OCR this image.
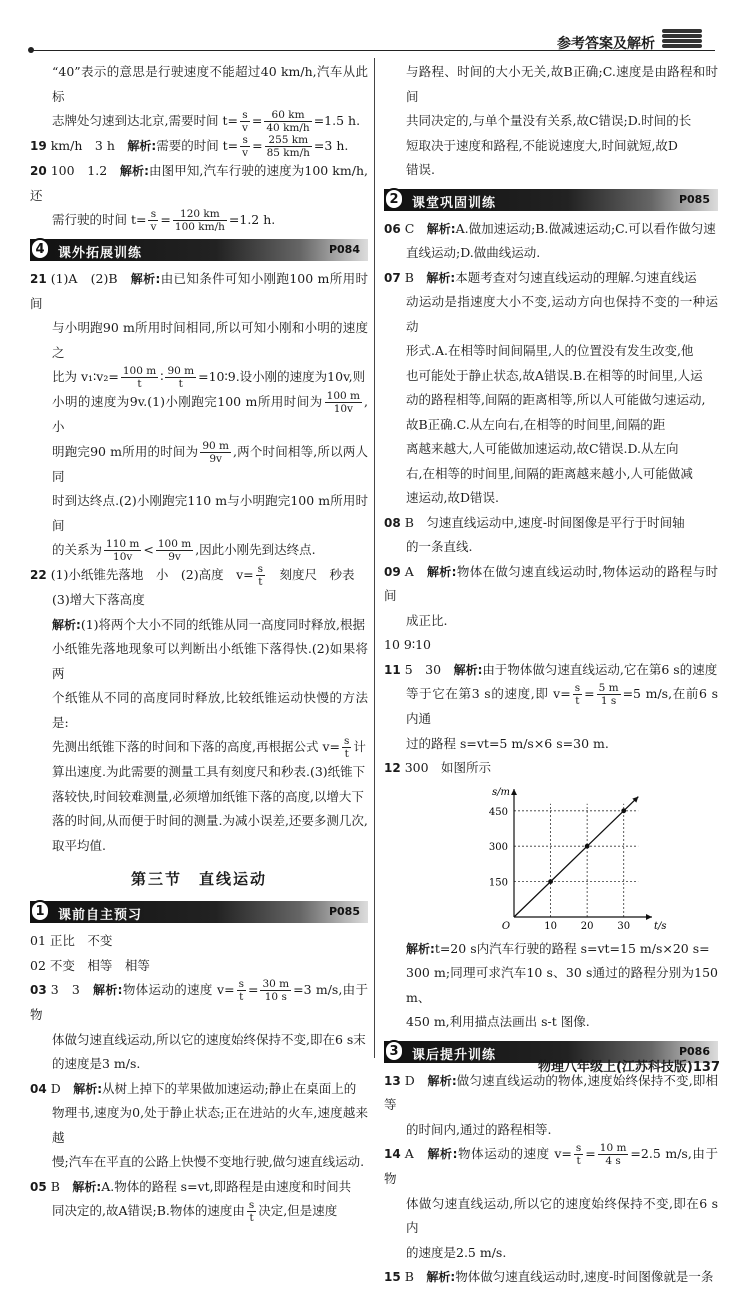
参考答案及解析

“40”表示的意思是行驶速度不能超过40 km/h,汽车从此标

志牌处匀速到达北京,需要时间 $t= \frac{s}{v} = \frac{60 km}{40 km/h} =1.5$ h.

19 km/h　3 h　解析:需要的时间 $t= \frac{s}{v} = \frac{255 km}{85 km/h} =3$ h.

20 100　1.2　解析:由图甲知,汽车行驶的速度为100 km/h,还

需行驶的时间 $t= \frac{s}{v} = \frac{120 km}{100 km/h} =1.2$ h.

4	课外拓展训练	P084

21 (1)A　(2)B　解析:由已知条件可知小刚跑100 m所用时间

与小明跑90 m所用时间相同,所以可知小刚和小明的速度之

比为 v₁∶v₂= $\frac{100 m}{t}$ ∶ $\frac{90 m}{t}$ =10∶9.设小刚的速度为10v,则

小明的速度为9v.(1)小刚跑完100 m所用时间为 $\frac{100 m}{10v}$ ,小

明跑完90 m所用的时间为 $\frac{90 m}{9v}$ ,两个时间相等,所以两人同

时到达终点.(2)小刚跑完110 m与小明跑完100 m所用时间

的关系为 $\frac{110 m}{10v} < \frac{100 m}{9v}$ ,因此小刚先到达终点.

22 (1)小纸锥先落地　小　(2)高度　$v= \frac{s}{t}$ 　刻度尺　秒表

(3)增大下落高度

解析:(1)将两个大小不同的纸锥从同一高度同时释放,根据

小纸锥先落地现象可以判断出小纸锥下落得快.(2)如果将两

个纸锥从不同的高度同时释放,比较纸锥运动快慢的方法是:

先测出纸锥下落的时间和下落的高度,再根据公式 $v= \frac{s}{t}$ 计

算出速度.为此需要的测量工具有刻度尺和秒表.(3)纸锥下

落较快,时间较难测量,必须增加纸锥下落的高度,以增大下

落的时间,从而便于时间的测量.为减小误差,还要多测几次,

取平均值.

第三节　直线运动
1	课前自主预习	P085

01 正比　不变

02 不变　相等　相等

03 3　3　解析:物体运动的速度 $v= \frac{s}{t} = \frac{30 m}{10 s} =3$ m/s,由于物

体做匀速直线运动,所以它的速度始终保持不变,即在6 s末

的速度是3 m/s.

04 D　解析:从树上掉下的苹果做加速运动;静止在桌面上的

物理书,速度为0,处于静止状态;正在进站的火车,速度越来越

慢;汽车在平直的公路上快慢不变地行驶,做匀速直线运动.

05 B　解析:A.物体的路程 s=vt,即路程是由速度和时间共

同决定的,故A错误;B.物体的速度由 $\frac{s}{t}$ 决定,但是速度

与路程、时间的大小无关,故B正确;C.速度是由路程和时间

共同决定的,与单个量没有关系,故C错误;D.时间的长

短取决于速度和路程,不能说速度大,时间就短,故D

错误.

2	课堂巩固训练	P085

06 C　解析:A.做加速运动;B.做减速运动;C.可以看作做匀速

直线运动;D.做曲线运动.

07 B　解析:本题考查对匀速直线运动的理解.匀速直线运

动运动是指速度大小不变,运动方向也保持不变的一种运动

形式.A.在相等时间间隔里,人的位置没有发生改变,他

也可能处于静止状态,故A错误.B.在相等的时间里,人运

动的路程相等,间隔的距离相等,所以人可能做匀速运动,

故B正确.C.从左向右,在相等的时间里,间隔的距

离越来越大,人可能做加速运动,故C错误.D.从左向

右,在相等的时间里,间隔的距离越来越小,人可能做减

速运动,故D错误.

08 B　匀速直线运动中,速度-时间图像是平行于时间轴

的一条直线.

09 A　解析:物体在做匀速直线运动时,物体运动的路程与时间

成正比.

10 9∶10

11 5　30　解析:由于物体做匀速直线运动,它在第6 s的速度

等于它在第3 s的速度,即 $v= \frac{s}{t} = \frac{5 m}{1 s} =5$ m/s,在前6 s内通

过的路程 s=vt=5 m/s×6 s=30 m.

12 300　如图所示

10 20 30
150
300
450
O	t/s
s/m

解析:t=20 s内汽车行驶的路程 s=vt=15 m/s×20 s=

300 m;同理可求汽车10 s、30 s通过的路程分别为150 m、

450 m,利用描点法画出 s-t 图像.

3	课后提升训练	P086

13 D　解析:做匀速直线运动的物体,速度始终保持不变,即相等

的时间内,通过的路程相等.

14 A　解析:物体运动的速度 $v= \frac{s}{t} = \frac{10 m}{4 s} =2.5$ m/s,由于物

体做匀速直线运动,所以它的速度始终保持不变,即在6 s内

的速度是2.5 m/s.

15 B　解析:物体做匀速直线运动时,速度-时间图像就是一条

物理八年级上(江苏科技版)137
